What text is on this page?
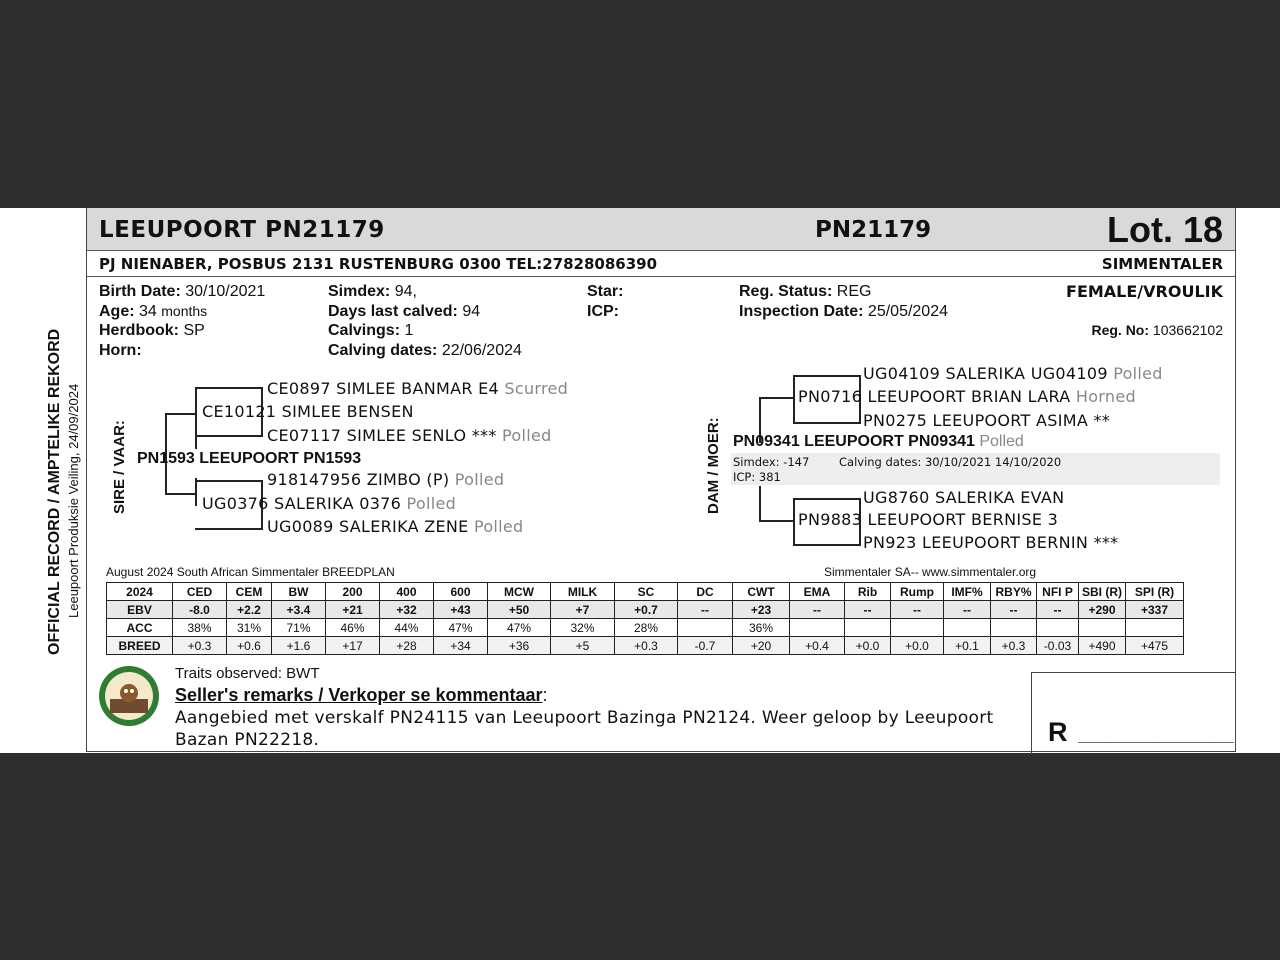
OFFICIAL RECORD / AMPTELIKE REKORD Leeupoort Produksie Veiling, 24/09/2024
LEEUPOORT PN21179	PN21179	Lot. 18
PJ NIENABER, POSBUS 2131 RUSTENBURG 0300 TEL:27828086390	SIMMENTALER
Birth Date: 30/10/2021
Age: 34 months
Herdbook: SP
Horn:
Simdex: 94,
Days last calved: 94
Calvings: 1
Calving dates: 22/06/2024
Star:
ICP:
Reg. Status: REG
Inspection Date: 25/05/2024
FEMALE/VROULIK
Reg. No: 103662102
SIRE / VAAR:
CE0897 SIMLEE BANMAR E4 Scurred
CE10121 SIMLEE BENSEN
CE07117 SIMLEE SENLO *** Polled
PN1593 LEEUPOORT PN1593
918147956 ZIMBO (P) Polled
UG0376 SALERIKA 0376 Polled
UG0089 SALERIKA ZENE Polled
DAM / MOER:
UG04109 SALERIKA UG04109 Polled
PN0716 LEEUPOORT BRIAN LARA Horned
PN0275 LEEUPOORT ASIMA **
PN09341 LEEUPOORT PN09341 Polled
Simdex: -147	Calving dates: 30/10/2021 14/10/2020
ICP: 381
UG8760 SALERIKA EVAN
PN9883 LEEUPOORT BERNISE 3
PN923 LEEUPOORT BERNIN ***
August 2024 South African Simmentaler BREEDPLAN	Simmentaler SA-- www.simmentaler.org
2024	CED	CEM	BW	200	400	600	MCW	MILK	SC	DC	CWT	EMA	Rib	Rump	IMF%	RBY%	NFI P	SBI (R)	SPI (R)
EBV	-8.0	+2.2	+3.4	+21	+32	+43	+50	+7	+0.7	--	+23	--	--	--	--	--	--	+290	+337
ACC	38%	31%	71%	46%	44%	47%	47%	32%	28%		36%								
BREED	+0.3	+0.6	+1.6	+17	+28	+34	+36	+5	+0.3	-0.7	+20	+0.4	+0.0	+0.0	+0.1	+0.3	-0.03	+490	+475
Traits observed: BWT
Seller's remarks / Verkoper se kommentaar:
Aangebied met verskalf PN24115 van Leeupoort Bazinga PN2124. Weer geloop by Leeupoort
Bazan PN22218.	R ____________________
